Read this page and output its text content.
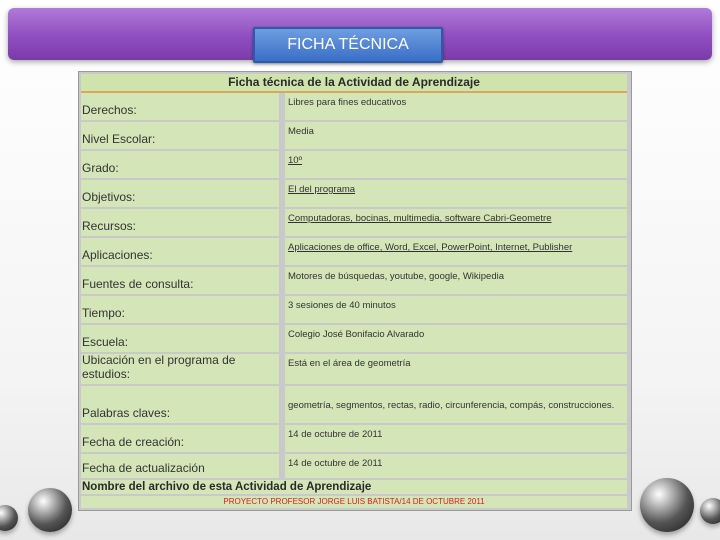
FICHA TÉCNICA
Ficha técnica de la Actividad de Aprendizaje
Derechos:
Libres para fines educativos
Nivel Escolar:
Media
Grado:
10º
Objetivos:
El del programa
Recursos:
Computadoras, bocinas, multimedia, software Cabri-Geometre
Aplicaciones:
Aplicaciones de office, Word, Excel, PowerPoint, Internet, Publisher
Fuentes de consulta:
Motores de búsquedas, youtube, google, Wikipedia
Tiempo:
3 sesiones de 40 minutos
Escuela:
Colegio José Bonifacio Alvarado
Ubicación en el programa de estudios:
Está en el área de geometría
Palabras claves:
geometría, segmentos, rectas, radio, circunferencia, compás, construcciones.
Fecha de creación:
14 de octubre de 2011
Fecha de actualización	14 de octubre de 2011
Nombre del archivo de esta Actividad de Aprendizaje
PROYECTO PROFESOR JORGE LUIS BATISTA/14 DE OCTUBRE 2011
